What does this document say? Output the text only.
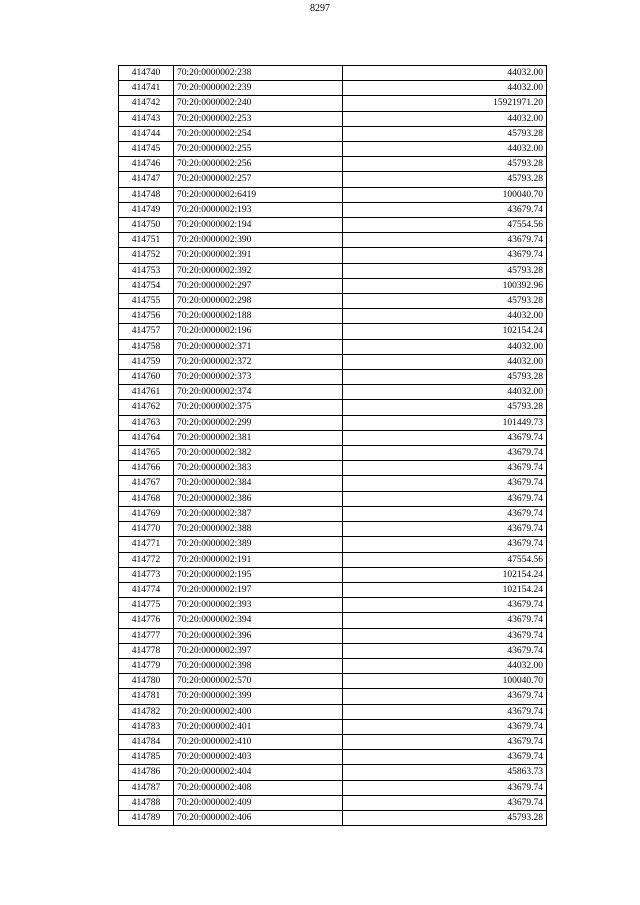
8297
414740	70:20:0000002:238	44032.00
414741	70:20:0000002:239	44032.00
414742	70:20:0000002:240	15921971.20
414743	70:20:0000002:253	44032.00
414744	70:20:0000002:254	45793.28
414745	70:20:0000002:255	44032.00
414746	70:20:0000002:256	45793.28
414747	70:20:0000002:257	45793.28
414748	70:20:0000002:6419	100040.70
414749	70:20:0000002:193	43679.74
414750	70:20:0000002:194	47554.56
414751	70:20:0000002:390	43679.74
414752	70:20:0000002:391	43679.74
414753	70:20:0000002:392	45793.28
414754	70:20:0000002:297	100392.96
414755	70:20:0000002:298	45793.28
414756	70:20:0000002:188	44032.00
414757	70:20:0000002:196	102154.24
414758	70:20:0000002:371	44032.00
414759	70:20:0000002:372	44032.00
414760	70:20:0000002:373	45793.28
414761	70:20:0000002:374	44032.00
414762	70:20:0000002:375	45793.28
414763	70:20:0000002:299	101449.73
414764	70:20:0000002:381	43679.74
414765	70:20:0000002:382	43679.74
414766	70:20:0000002:383	43679.74
414767	70:20:0000002:384	43679.74
414768	70:20:0000002:386	43679.74
414769	70:20:0000002:387	43679.74
414770	70:20:0000002:388	43679.74
414771	70:20:0000002:389	43679.74
414772	70:20:0000002:191	47554.56
414773	70:20:0000002:195	102154.24
414774	70:20:0000002:197	102154.24
414775	70:20:0000002:393	43679.74
414776	70:20:0000002:394	43679.74
414777	70:20:0000002:396	43679.74
414778	70:20:0000002:397	43679.74
414779	70:20:0000002:398	44032.00
414780	70:20:0000002:570	100040.70
414781	70:20:0000002:399	43679.74
414782	70:20:0000002:400	43679.74
414783	70:20:0000002:401	43679.74
414784	70:20:0000002:410	43679.74
414785	70:20:0000002:403	43679.74
414786	70:20:0000002:404	45863.73
414787	70:20:0000002:408	43679.74
414788	70:20:0000002:409	43679.74
414789	70:20:0000002:406	45793.28
